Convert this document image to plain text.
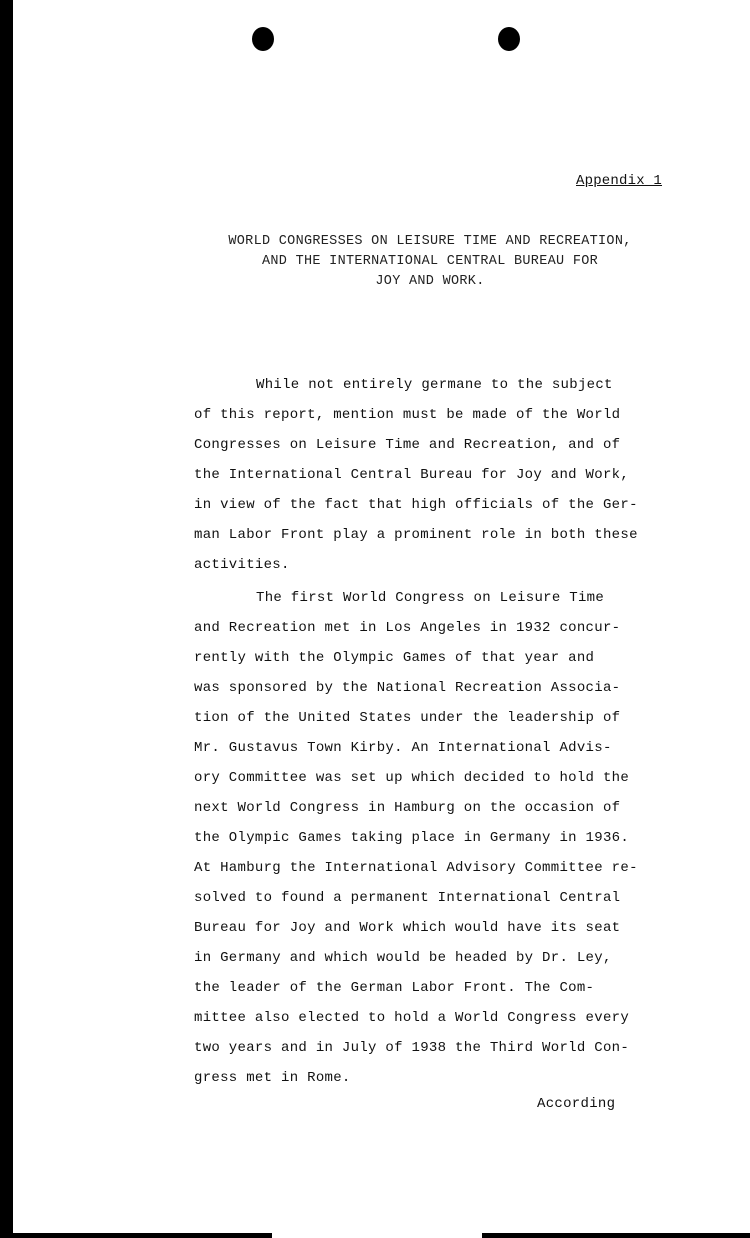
Appendix 1
WORLD CONGRESSES ON LEISURE TIME AND RECREATION,
AND THE INTERNATIONAL CENTRAL BUREAU FOR
JOY AND WORK.
While not entirely germane to the subject
of this report, mention must be made of the World
Congresses on Leisure Time and Recreation, and of
the International Central Bureau for Joy and Work,
in view of the fact that high officials of the Ger-
man Labor Front play a prominent role in both these
activities.
The first World Congress on Leisure Time
and Recreation met in Los Angeles in 1932 concur-
rently with the Olympic Games of that year and
was sponsored by the National Recreation Associa-
tion of the United States under the leadership of
Mr. Gustavus Town Kirby. An International Advis-
ory Committee was set up which decided to hold the
next World Congress in Hamburg on the occasion of
the Olympic Games taking place in Germany in 1936.
At Hamburg the International Advisory Committee re-
solved to found a permanent International Central
Bureau for Joy and Work which would have its seat
in Germany and which would be headed by Dr. Ley,
the leader of the German Labor Front. The Com-
mittee also elected to hold a World Congress every
two years and in July of 1938 the Third World Con-
gress met in Rome.
According
